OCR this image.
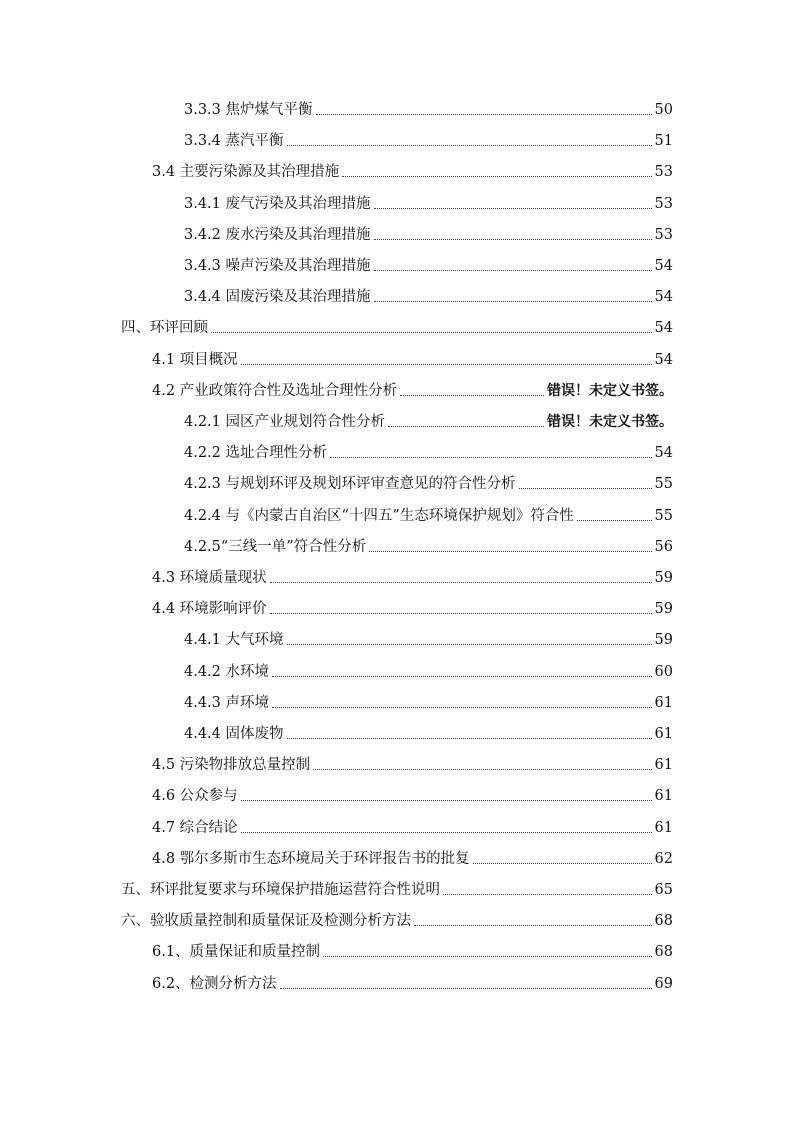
3.3.3 焦炉煤气平衡	50
3.3.4 蒸汽平衡	51
3.4 主要污染源及其治理措施	53
3.4.1 废气污染及其治理措施	53
3.4.2 废水污染及其治理措施	53
3.4.3 噪声污染及其治理措施	54
3.4.4 固废污染及其治理措施	54
四、环评回顾	54
4.1 项目概况	54
4.2 产业政策符合性及选址合理性分析	错误！未定义书签。
4.2.1 园区产业规划符合性分析	错误！未定义书签。
4.2.2 选址合理性分析	54
4.2.3 与规划环评及规划环评审查意见的符合性分析	55
4.2.4 与《内蒙古自治区“十四五”生态环境保护规划》符合性	55
4.2.5“三线一单”符合性分析	56
4.3 环境质量现状	59
4.4 环境影响评价	59
4.4.1 大气环境	59
4.4.2 水环境	60
4.4.3 声环境	61
4.4.4 固体废物	61
4.5 污染物排放总量控制	61
4.6 公众参与	61
4.7 综合结论	61
4.8 鄂尔多斯市生态环境局关于环评报告书的批复	62
五、环评批复要求与环境保护措施运营符合性说明	65
六、验收质量控制和质量保证及检测分析方法	68
6.1、质量保证和质量控制	68
6.2、检测分析方法	69
